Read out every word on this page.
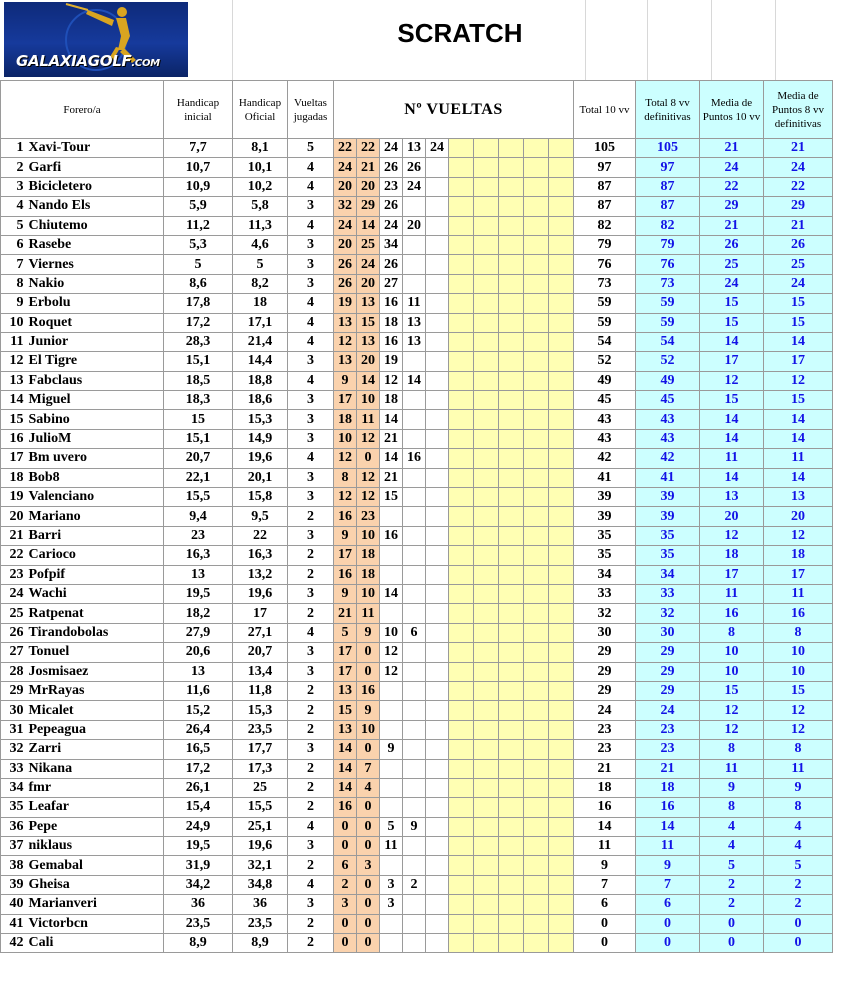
GALAXIAGOLF.COM
SCRATCH
Forero/a		Handicap inicial	Handicap Oficial	Vueltas jugadas	Nº VUELTAS										Total 10 vv	Total 8 vv definitivas	Media de Puntos 10 vv	Media de Puntos 8 vv definitivas
1	Xavi-Tour	7,7	8,1	5	22	22	24	13	24						105	105	21	21
2	Garfi	10,7	10,1	4	24	21	26	26							97	97	24	24
3	Bicicletero	10,9	10,2	4	20	20	23	24							87	87	22	22
4	Nando Els	5,9	5,8	3	32	29	26								87	87	29	29
5	Chiutemo	11,2	11,3	4	24	14	24	20							82	82	21	21
6	Rasebe	5,3	4,6	3	20	25	34								79	79	26	26
7	Viernes	5	5	3	26	24	26								76	76	25	25
8	Nakio	8,6	8,2	3	26	20	27								73	73	24	24
9	Erbolu	17,8	18	4	19	13	16	11							59	59	15	15
10	Roquet	17,2	17,1	4	13	15	18	13							59	59	15	15
11	Junior	28,3	21,4	4	12	13	16	13							54	54	14	14
12	El Tigre	15,1	14,4	3	13	20	19								52	52	17	17
13	Fabclaus	18,5	18,8	4	9	14	12	14							49	49	12	12
14	Miguel	18,3	18,6	3	17	10	18								45	45	15	15
15	Sabino	15	15,3	3	18	11	14								43	43	14	14
16	JulioM	15,1	14,9	3	10	12	21								43	43	14	14
17	Bm uvero	20,7	19,6	4	12	0	14	16							42	42	11	11
18	Bob8	22,1	20,1	3	8	12	21								41	41	14	14
19	Valenciano	15,5	15,8	3	12	12	15								39	39	13	13
20	Mariano	9,4	9,5	2	16	23									39	39	20	20
21	Barri	23	22	3	9	10	16								35	35	12	12
22	Carioco	16,3	16,3	2	17	18									35	35	18	18
23	Pofpif	13	13,2	2	16	18									34	34	17	17
24	Wachi	19,5	19,6	3	9	10	14								33	33	11	11
25	Ratpenat	18,2	17	2	21	11									32	32	16	16
26	Tirandobolas	27,9	27,1	4	5	9	10	6							30	30	8	8
27	Tonuel	20,6	20,7	3	17	0	12								29	29	10	10
28	Josmisaez	13	13,4	3	17	0	12								29	29	10	10
29	MrRayas	11,6	11,8	2	13	16									29	29	15	15
30	Micalet	15,2	15,3	2	15	9									24	24	12	12
31	Pepeagua	26,4	23,5	2	13	10									23	23	12	12
32	Zarri	16,5	17,7	3	14	0	9								23	23	8	8
33	Nikana	17,2	17,3	2	14	7									21	21	11	11
34	fmr	26,1	25	2	14	4									18	18	9	9
35	Leafar	15,4	15,5	2	16	0									16	16	8	8
36	Pepe	24,9	25,1	4	0	0	5	9							14	14	4	4
37	niklaus	19,5	19,6	3	0	0	11								11	11	4	4
38	Gemabal	31,9	32,1	2	6	3									9	9	5	5
39	Gheisa	34,2	34,8	4	2	0	3	2							7	7	2	2
40	Marianveri	36	36	3	3	0	3								6	6	2	2
41	Victorbcn	23,5	23,5	2	0	0									0	0	0	0
42	Cali	8,9	8,9	2	0	0									0	0	0	0
